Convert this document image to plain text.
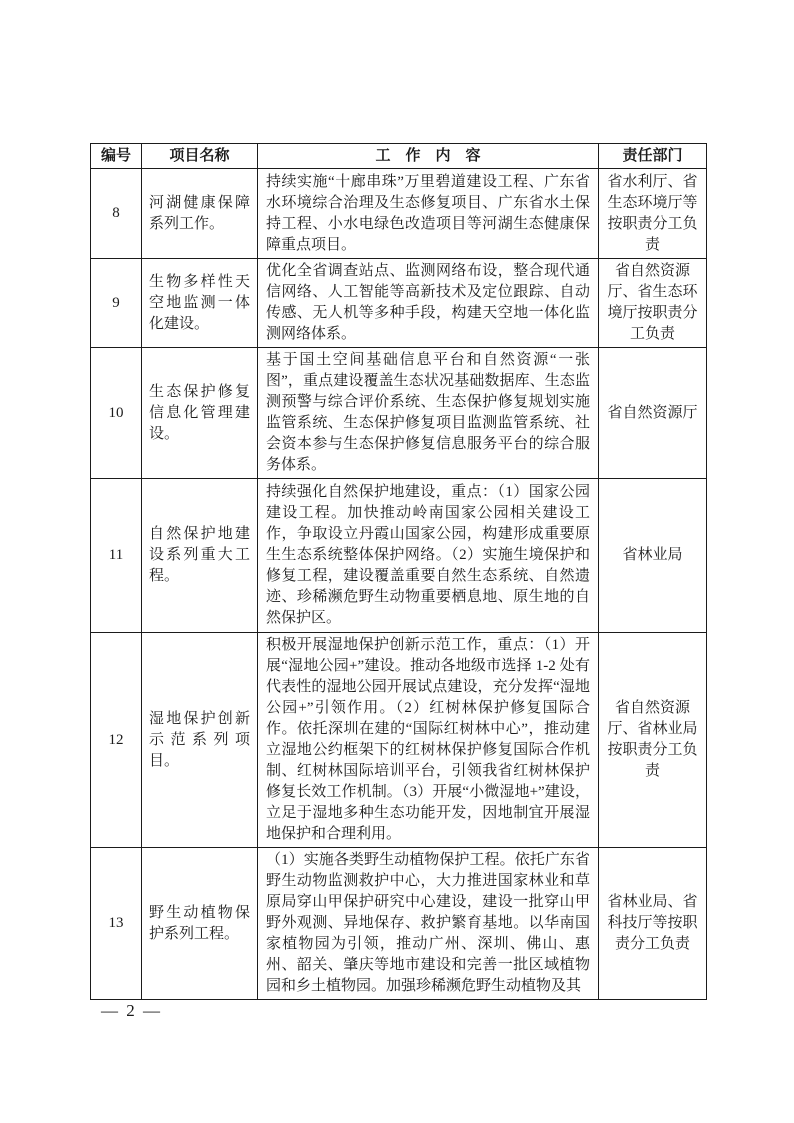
编号	项目名称	工　作　内　容	责任部门
8	河湖健康保障系列工作。	持续实施“十廊串珠”万里碧道建设工程、广东省水环境综合治理及生态修复项目、广东省水土保持工程、小水电绿色改造项目等河湖生态健康保障重点项目。	省水利厅、省生态环境厅等按职责分工负责
9	生物多样性天空地监测一体化建设。	优化全省调查站点、监测网络布设，整合现代通信网络、人工智能等高新技术及定位跟踪、自动传感、无人机等多种手段，构建天空地一体化监测网络体系。	省自然资源厅、省生态环境厅按职责分工负责
10	生态保护修复信息化管理建设。	基于国土空间基础信息平台和自然资源“一张图”，重点建设覆盖生态状况基础数据库、生态监测预警与综合评价系统、生态保护修复规划实施监管系统、生态保护修复项目监测监管系统、社会资本参与生态保护修复信息服务平台的综合服务体系。	省自然资源厅
11	自然保护地建设系列重大工程。	持续强化自然保护地建设，重点：（1）国家公园建设工程。加快推动岭南国家公园相关建设工作，争取设立丹霞山国家公园，构建形成重要原生生态系统整体保护网络。（2）实施生境保护和修复工程，建设覆盖重要自然生态系统、自然遗迹、珍稀濒危野生动物重要栖息地、原生地的自然保护区。	省林业局
12	湿地保护创新示范系列项目。	积极开展湿地保护创新示范工作，重点：（1）开展“湿地公园+”建设。推动各地级市选择 1-2 处有代表性的湿地公园开展试点建设，充分发挥“湿地公园+”引领作用。（2）红树林保护修复国际合作。依托深圳在建的“国际红树林中心”，推动建立湿地公约框架下的红树林保护修复国际合作机制、红树林国际培训平台，引领我省红树林保护修复长效工作机制。（3）开展“小微湿地+”建设，立足于湿地多种生态功能开发，因地制宜开展湿地保护和合理利用。	省自然资源厅、省林业局按职责分工负责
13	野生动植物保护系列工程。	（1）实施各类野生动植物保护工程。依托广东省野生动物监测救护中心，大力推进国家林业和草原局穿山甲保护研究中心建设，建设一批穿山甲野外观测、异地保存、救护繁育基地。以华南国家植物园为引领，推动广州、深圳、佛山、惠州、韶关、肇庆等地市建设和完善一批区域植物园和乡土植物园。加强珍稀濒危野生动植物及其	省林业局、省科技厅等按职责分工负责
— 2 —
